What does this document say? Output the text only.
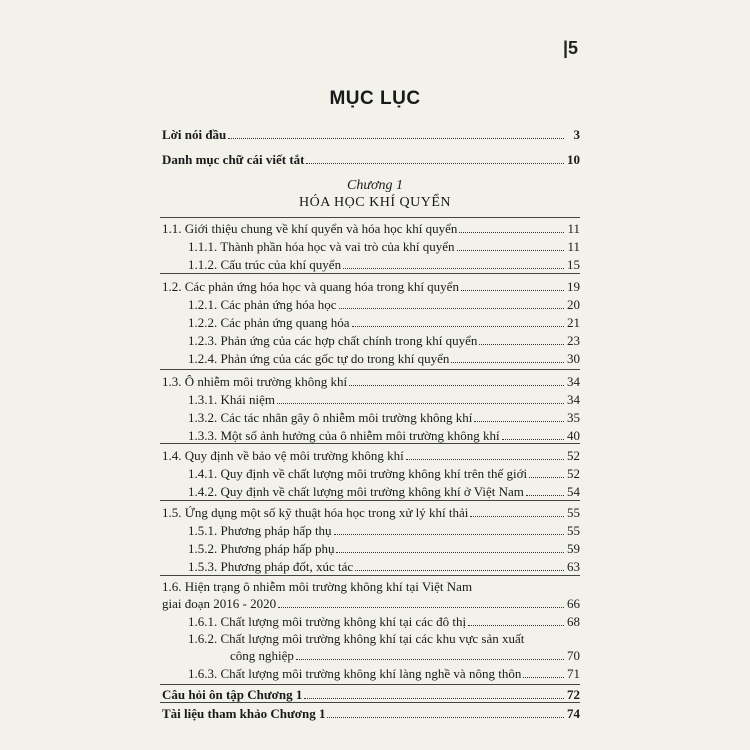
|5
MỤC LỤC
Lời nói đầu	3
Danh mục chữ cái viết tắt	10
Chương 1
HÓA HỌC KHÍ QUYỂN
1.1. Giới thiệu chung về khí quyển và hóa học khí quyển	11
1.1.1. Thành phần hóa học và vai trò của khí quyển	11
1.1.2. Cấu trúc của khí quyển	15
1.2. Các phản ứng hóa học và quang hóa trong khí quyển	19
1.2.1. Các phản ứng hóa học	20
1.2.2. Các phản ứng quang hóa	21
1.2.3. Phản ứng của các hợp chất chính trong khí quyển	23
1.2.4. Phản ứng của các gốc tự do trong khí quyển	30
1.3. Ô nhiễm môi trường không khí	34
1.3.1. Khái niệm	34
1.3.2. Các tác nhân gây ô nhiễm môi trường không khí	35
1.3.3. Một số ảnh hưởng của ô nhiễm môi trường không khí	40
1.4. Quy định về bảo vệ môi trường không khí	52
1.4.1. Quy định về chất lượng môi trường không khí trên thế giới	52
1.4.2. Quy định về chất lượng môi trường không khí ở Việt Nam	54
1.5. Ứng dụng một số kỹ thuật hóa học trong xử lý khí thải	55
1.5.1. Phương pháp hấp thụ	55
1.5.2. Phương pháp hấp phụ	59
1.5.3. Phương pháp đốt, xúc tác	63
1.6. Hiện trạng ô nhiễm môi trường không khí tại Việt Nam
giai đoạn 2016 - 2020	66
1.6.1. Chất lượng môi trường không khí tại các đô thị	68
1.6.2. Chất lượng môi trường không khí tại các khu vực sản xuất
công nghiệp	70
1.6.3. Chất lượng môi trường không khí làng nghề và nông thôn	71
Câu hỏi ôn tập Chương 1	72
Tài liệu tham khảo Chương 1	74
